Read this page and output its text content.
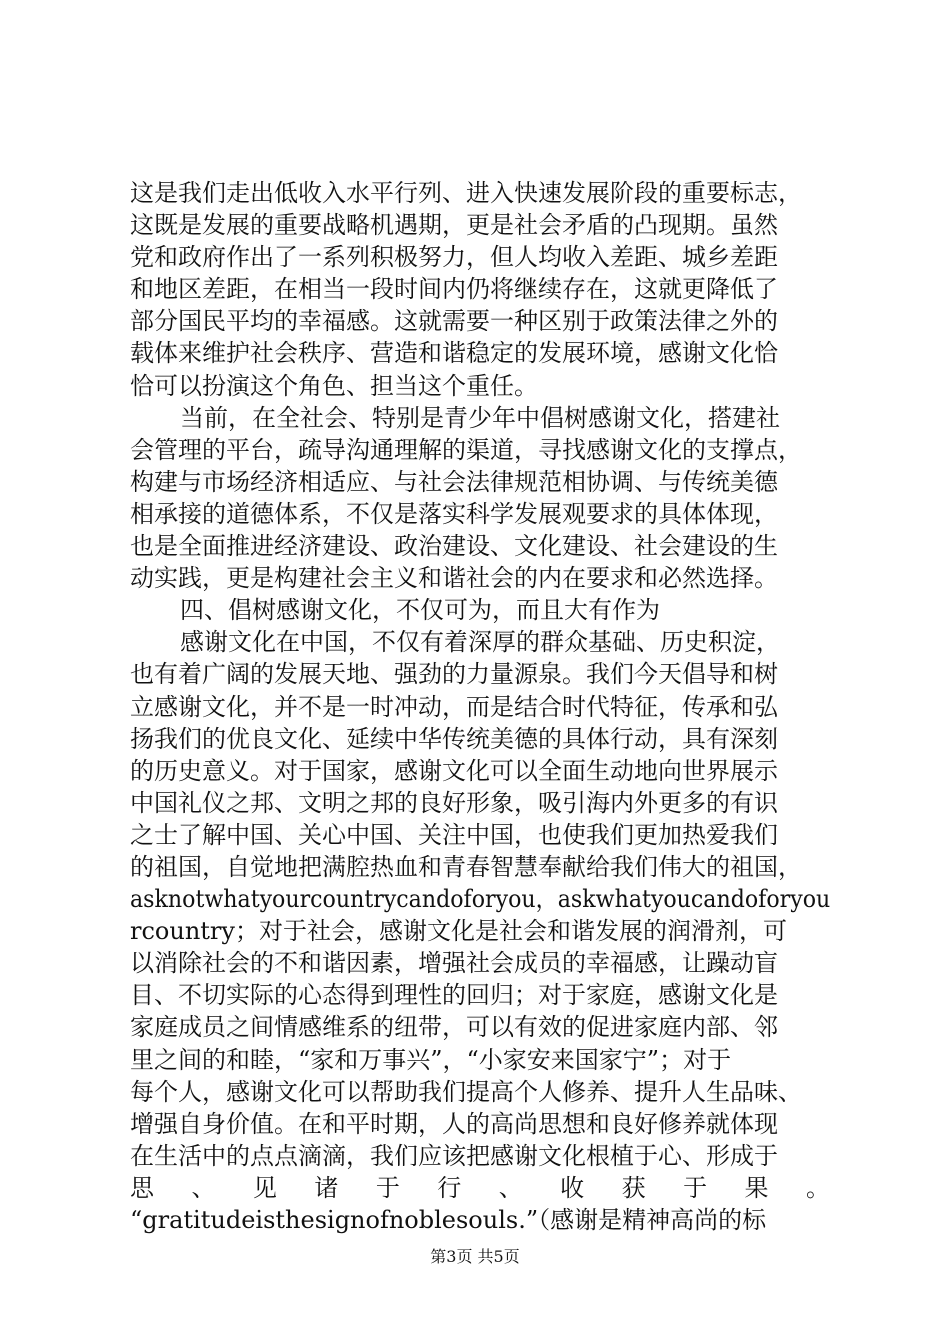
这是我们走出低收入水平行列、进入快速发展阶段的重要标志，
这既是发展的重要战略机遇期，更是社会矛盾的凸现期。虽然
党和政府作出了一系列积极努力，但人均收入差距、城乡差距
和地区差距，在相当一段时间内仍将继续存在，这就更降低了
部分国民平均的幸福感。这就需要一种区别于政策法律之外的
载体来维护社会秩序、营造和谐稳定的发展环境，感谢文化恰
恰可以扮演这个角色、担当这个重任。
当前，在全社会、特别是青少年中倡树感谢文化，搭建社
会管理的平台，疏导沟通理解的渠道，寻找感谢文化的支撑点，
构建与市场经济相适应、与社会法律规范相协调、与传统美德
相承接的道德体系，不仅是落实科学发展观要求的具体体现，
也是全面推进经济建设、政治建设、文化建设、社会建设的生
动实践，更是构建社会主义和谐社会的内在要求和必然选择。
四、倡树感谢文化，不仅可为，而且大有作为
感谢文化在中国，不仅有着深厚的群众基础、历史积淀，
也有着广阔的发展天地、强劲的力量源泉。我们今天倡导和树
立感谢文化，并不是一时冲动，而是结合时代特征，传承和弘
扬我们的优良文化、延续中华传统美德的具体行动，具有深刻
的历史意义。对于国家，感谢文化可以全面生动地向世界展示
中国礼仪之邦、文明之邦的良好形象，吸引海内外更多的有识
之士了解中国、关心中国、关注中国，也使我们更加热爱我们
的祖国，自觉地把满腔热血和青春智慧奉献给我们伟大的祖国，
asknotwhatyourcountrycandoforyou，askwhatyoucandoforyou
rcountry；对于社会，感谢文化是社会和谐发展的润滑剂，可
以消除社会的不和谐因素，增强社会成员的幸福感，让躁动盲
目、不切实际的心态得到理性的回归；对于家庭，感谢文化是
家庭成员之间情感维系的纽带，可以有效的促进家庭内部、邻
里之间的和睦，“家和万事兴”，“小家安来国家宁”；对于
每个人，感谢文化可以帮助我们提高个人修养、提升人生品味、
增强自身价值。在和平时期，人的高尚思想和良好修养就体现
在生活中的点点滴滴，我们应该把感谢文化根植于心、形成于
思 、 见 诸 于 行 、 收 获 于 果 。
“gratitudeisthesignofnoblesouls.”（感谢是精神高尚的标
第3页 共5页
